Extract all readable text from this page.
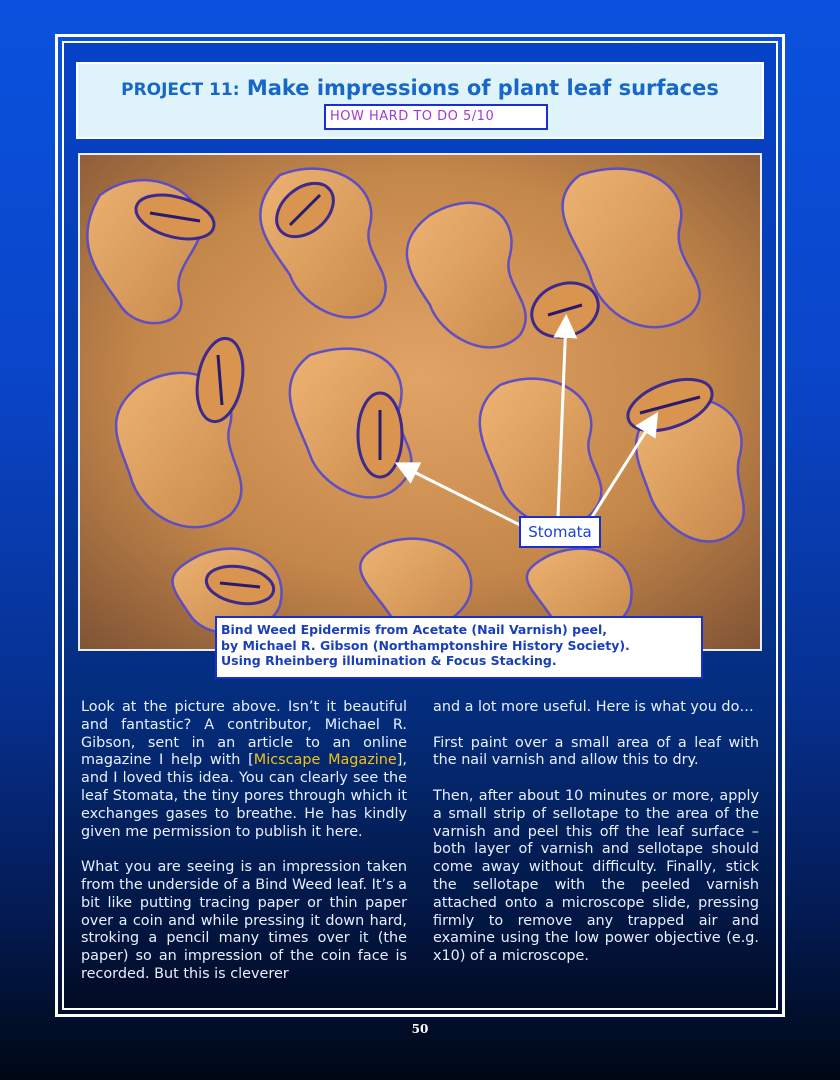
PROJECT 11: Make impressions of plant leaf surfaces
HOW HARD TO DO 5/10
Stomata
Bind Weed Epidermis from Acetate (Nail Varnish) peel,
by Michael R. Gibson (Northamptonshire History Society).
Using Rheinberg illumination & Focus Stacking.

Look at the picture above. Isn’t it beautiful and fantastic? A contributor, Michael R. Gibson, sent in an article to an online magazine I help with [Micscape Magazine], and I loved this idea. You can clearly see the leaf Stomata, the tiny pores through which it exchanges gases to breathe. He has kindly given me permission to publish it here.

What you are seeing is an impression taken from the underside of a Bind Weed leaf. It’s a bit like putting tracing paper or thin paper over a coin and while pressing it down hard, stroking a pencil many times over it (the paper) so an impression of the coin face is recorded. But this is cleverer

and a lot more useful. Here is what you do…

First paint over a small area of a leaf with the nail varnish and allow this to dry.

Then, after about 10 minutes or more, apply a small strip of sellotape to the area of the varnish and peel this off the leaf surface – both layer of varnish and sellotape should come away without difficulty. Finally, stick the sellotape with the peeled varnish attached onto a microscope slide, pressing firmly to remove any trapped air and examine using the low power objective (e.g. x10) of a microscope.

50
